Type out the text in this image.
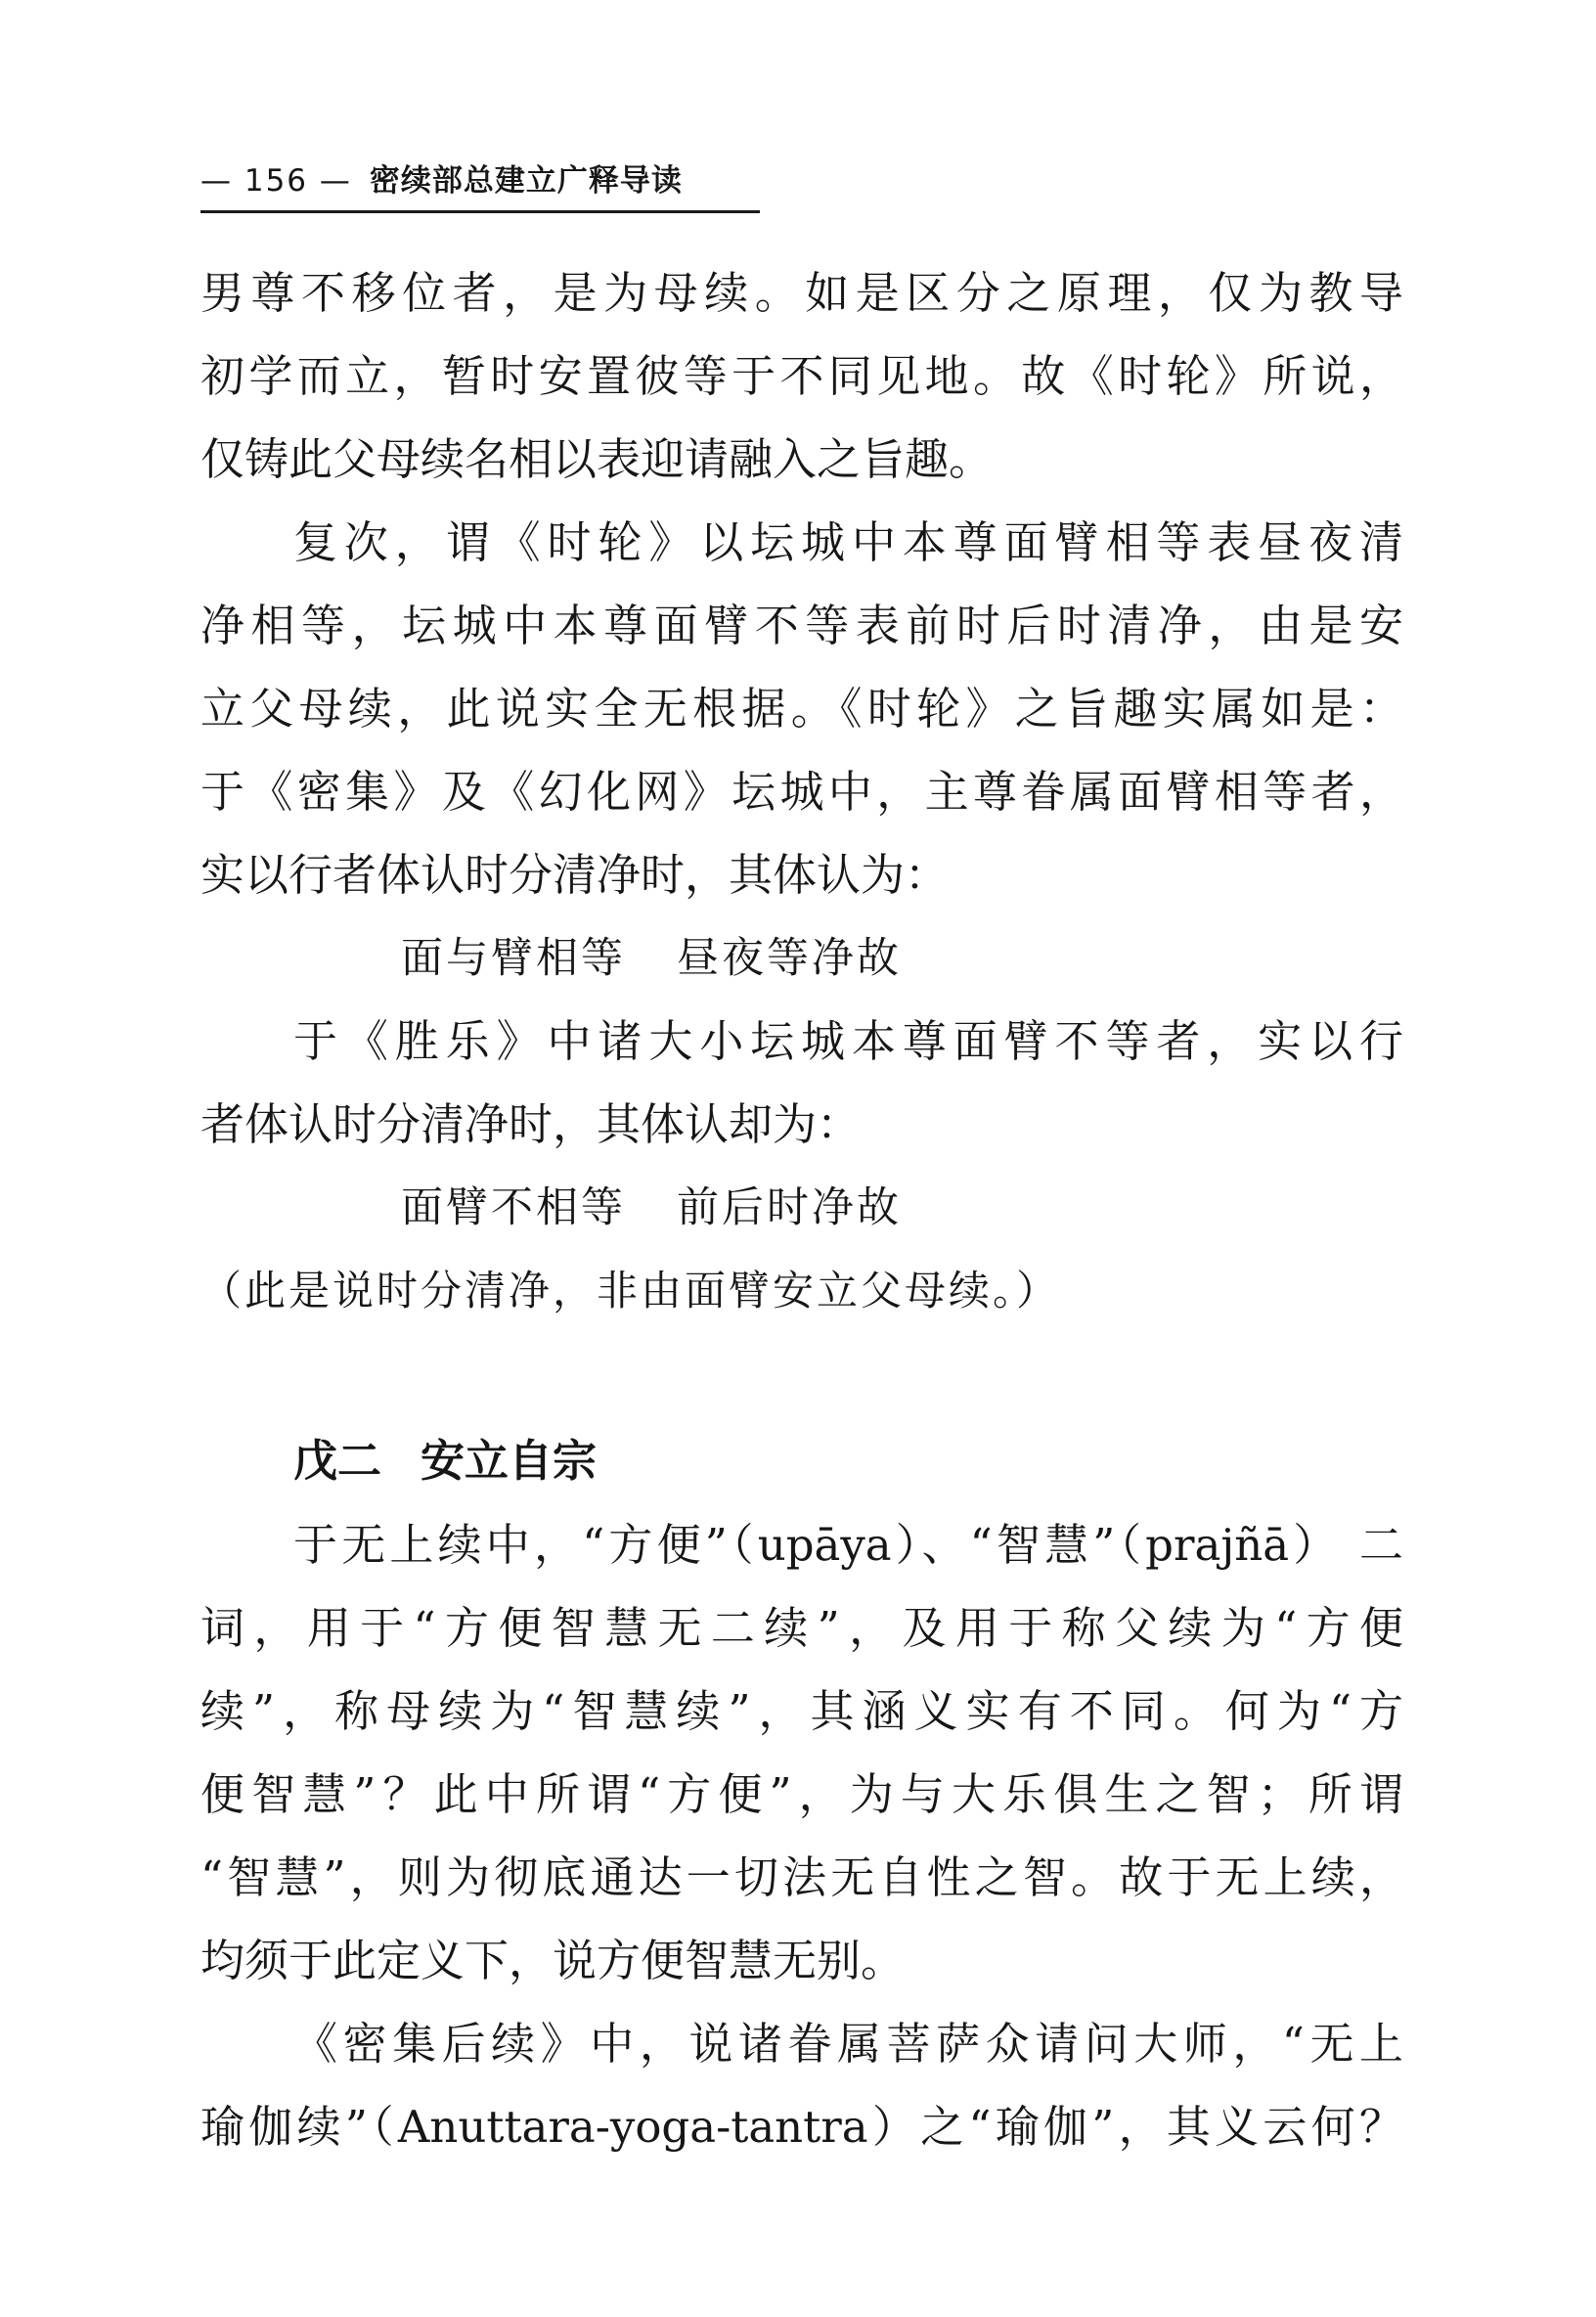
— 156 — 密续部总建立广释导读
男尊不移位者，是为母续。如是区分之原理，仅为教导
初学而立，暂时安置彼等于不同见地。故《时轮》所说，
仅铸此父母续名相以表迎请融入之旨趣。
复次，谓《时轮》以坛城中本尊面臂相等表昼夜清
净相等，坛城中本尊面臂不等表前时后时清净，由是安
立父母续，此说实全无根据。《时轮》之旨趣实属如是：
于《密集》及《幻化网》坛城中，主尊眷属面臂相等者，
实以行者体认时分清净时，其体认为：
面与臂相等 昼夜等净故
于《胜乐》中诸大小坛城本尊面臂不等者，实以行
者体认时分清净时，其体认却为：
面臂不相等 前后时净故
（此是说时分清净，非由面臂安立父母续。）
戊二 安立自宗
于无上续中，“方便”（upāya）、“智慧”（prajñā） 二
词，用于“方便智慧无二续”，及用于称父续为“方便
续”，称母续为“智慧续”，其涵义实有不同。何为“方
便智慧”？此中所谓“方便”，为与大乐俱生之智；所谓
“智慧”，则为彻底通达一切法无自性之智。故于无上续，
均须于此定义下，说方便智慧无别。
《密集后续》中，说诸眷属菩萨众请问大师，“无上
瑜伽续”（Anuttara-yoga-tantra）之“瑜伽”，其义云何？
